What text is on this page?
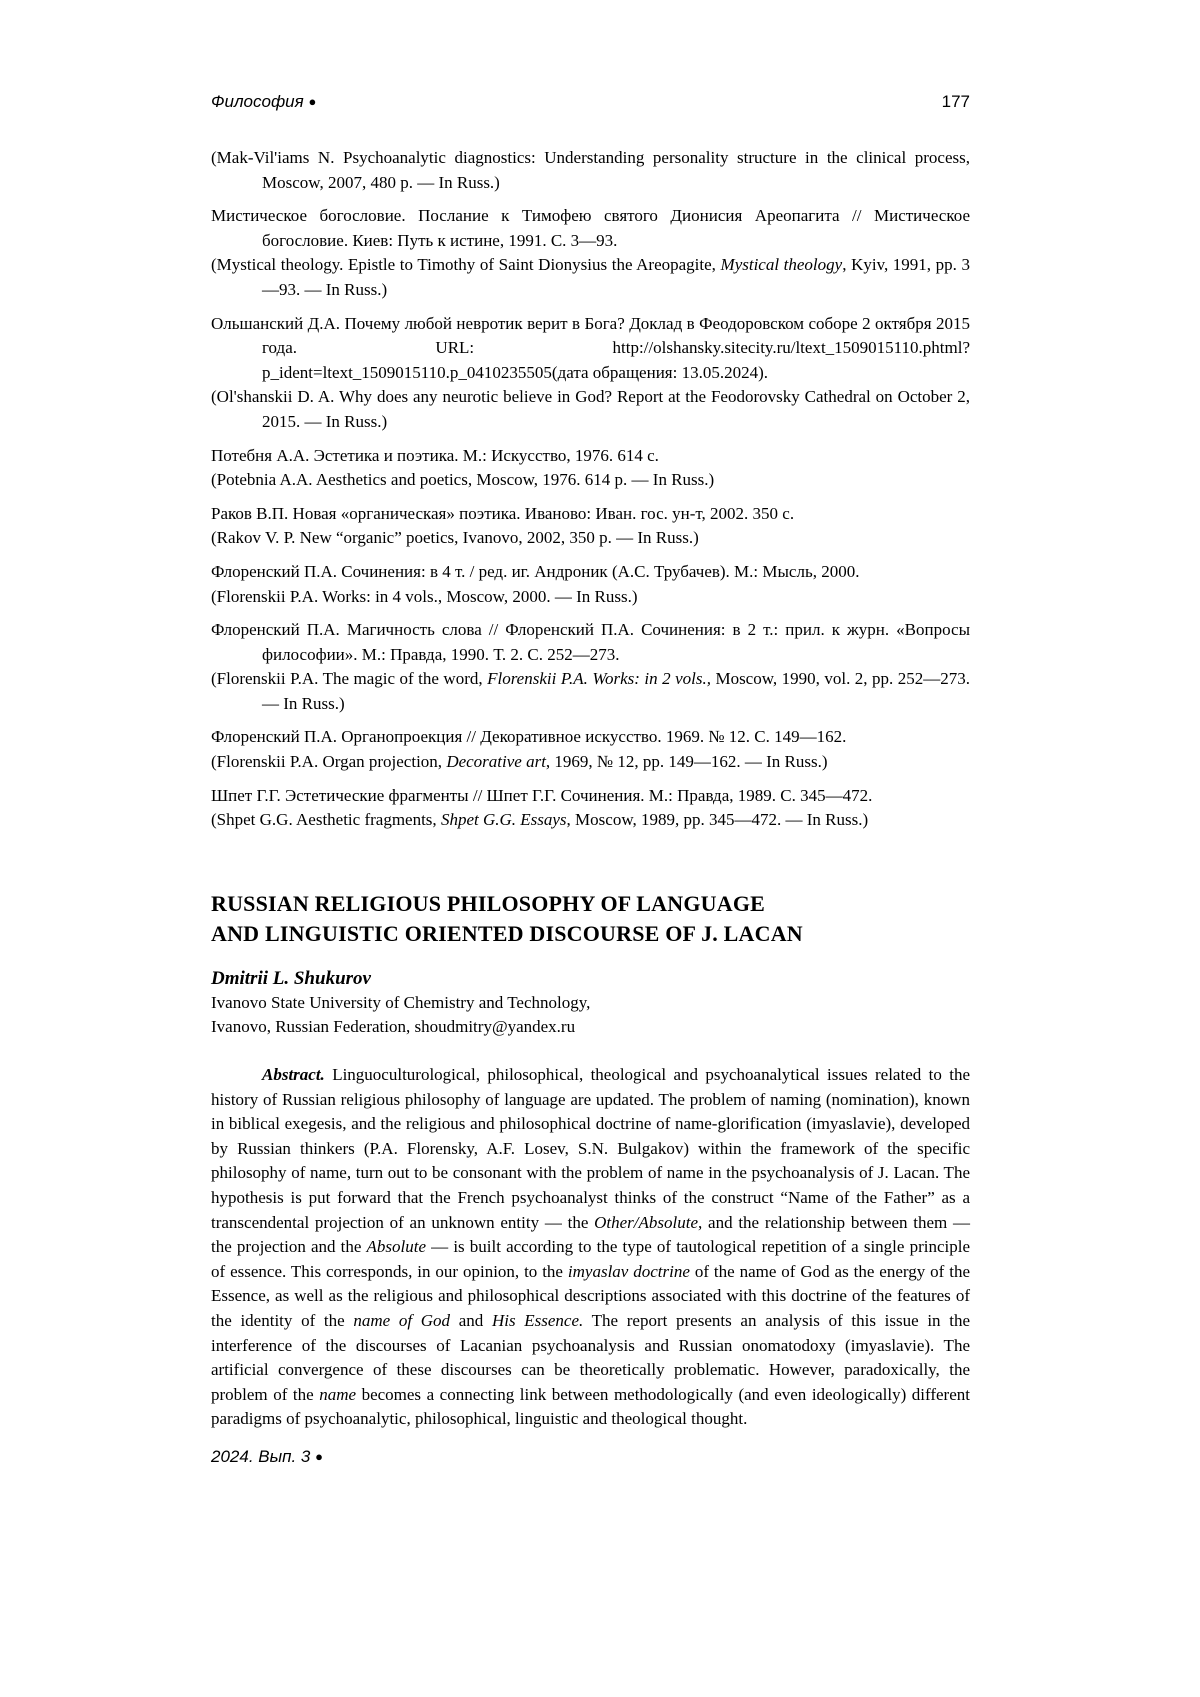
Философия ●	177

(Mak-Vil'iams N. Psychoanalytic diagnostics: Understanding personality structure in the clinical process, Moscow, 2007, 480 p. — In Russ.)

Мистическое богословие. Послание к Тимофею святого Дионисия Ареопагита // Мистическое богословие. Киев: Путь к истине, 1991. С. 3—93.

(Mystical theology. Epistle to Timothy of Saint Dionysius the Areopagite, Mystical theology, Kyiv, 1991, pp. 3—93. — In Russ.)

Ольшанский Д.А. Почему любой невротик верит в Бога? Доклад в Феодоровском соборе 2 октября 2015 года. URL: http://olshansky.sitecity.ru/ltext_1509015110.phtml?p_ident=ltext_1509015110.p_0410235505(дата обращения: 13.05.2024).

(Ol'shanskii D. A. Why does any neurotic believe in God? Report at the Feodorovsky Cathedral on October 2, 2015. — In Russ.)

Потебня А.А. Эстетика и поэтика. М.: Искусство, 1976. 614 с.

(Potebnia A.A. Aesthetics and poetics, Moscow, 1976. 614 p. — In Russ.)

Раков В.П. Новая «органическая» поэтика. Иваново: Иван. гос. ун-т, 2002. 350 с.

(Rakov V. P. New “organic” poetics, Ivanovo, 2002, 350 p. — In Russ.)

Флоренский П.А. Сочинения: в 4 т. / ред. иг. Андроник (А.С. Трубачев). М.: Мысль, 2000.

(Florenskii P.A. Works: in 4 vols., Moscow, 2000. — In Russ.)

Флоренский П.А. Магичность слова // Флоренский П.А. Сочинения: в 2 т.: прил. к журн. «Вопросы философии». М.: Правда, 1990. Т. 2. С. 252—273.

(Florenskii P.A. The magic of the word, Florenskii P.A. Works: in 2 vols., Moscow, 1990, vol. 2, pp. 252—273. — In Russ.)

Флоренский П.А. Органопроекция // Декоративное искусство. 1969. № 12. С. 149—162.

(Florenskii P.A. Organ projection, Decorative art, 1969, № 12, pp. 149—162. — In Russ.)

Шпет Г.Г. Эстетические фрагменты // Шпет Г.Г. Сочинения. М.: Правда, 1989. С. 345—472.

(Shpet G.G. Aesthetic fragments, Shpet G.G. Essays, Moscow, 1989, pp. 345—472. — In Russ.)

RUSSIAN RELIGIOUS PHILOSOPHY OF LANGUAGE
AND LINGUISTIC ORIENTED DISCOURSE OF J. LACAN
Dmitrii L. Shukurov
Ivanovo State University of Chemistry and Technology,
Ivanovo, Russian Federation, shoudmitry@yandex.ru
Abstract. Linguoculturological, philosophical, theological and psychoanalytical issues related to the history of Russian religious philosophy of language are updated. The problem of naming (nomination), known in biblical exegesis, and the religious and philosophical doctrine of name-glorification (imyaslavie), developed by Russian thinkers (P.A. Florensky, A.F. Losev, S.N. Bulgakov) within the framework of the specific philosophy of name, turn out to be consonant with the problem of name in the psychoanalysis of J. Lacan. The hypothesis is put forward that the French psychoanalyst thinks of the construct “Name of the Father” as a transcendental projection of an unknown entity — the Other/Absolute, and the relationship between them — the projection and the Absolute — is built according to the type of tautological repetition of a single principle of essence. This corresponds, in our opinion, to the imyaslav doctrine of the name of God as the energy of the Essence, as well as the religious and philosophical descriptions associated with this doctrine of the features of the identity of the name of God and His Essence. The report presents an analysis of this issue in the interference of the discourses of Lacanian psychoanalysis and Russian onomatodoxy (imyaslavie). The artificial convergence of these discourses can be theoretically problematic. However, paradoxically, the problem of the name becomes a connecting link between methodologically (and even ideologically) different paradigms of psychoanalytic, philosophical, linguistic and theological thought.
2024. Вып. 3 ●
